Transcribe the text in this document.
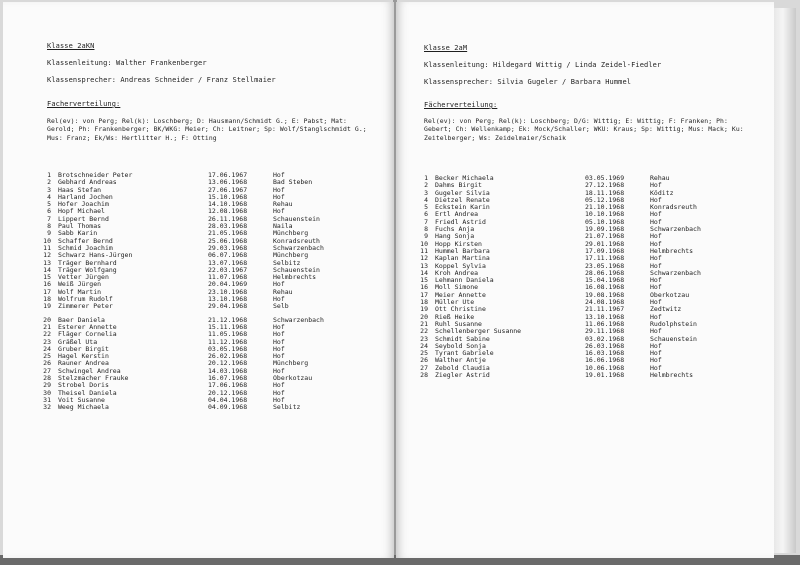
Klasse 2aKN
Klassenleitung: Walther Frankenberger
Klassensprecher: Andreas Schneider / Franz Stellmaier
Facherverteilung:
Rel(ev): von Perg; Rel(k): Loschberg; D: Hausmann/Schmidt G.; E: Pabst; Mat: Gerold; Ph: Frankenberger; BK/WKG: Meier; Ch: Leitner; Sp: Wolf/Stanglschmidt G.; Mus: Franz; Ek/Ws: Hertlitter H.; F: Otting
1	Brotschneider Peter	17.06.1967	Hof
2	Gebhard Andreas	13.06.1968	Bad Steben
3	Haas Stefan	27.06.1967	Hof
4	Harland Jochen	15.10.1968	Hof
5	Hofer Joachim	14.10.1968	Rehau
6	Hopf Michael	12.08.1968	Hof
7	Lippert Bernd	26.11.1968	Schauenstein
8	Paul Thomas	28.03.1968	Naila
9	Sabb Karin	21.05.1968	Münchberg
10	Schaffer Bernd	25.06.1968	Konradsreuth
11	Schmid Joachim	29.03.1968	Schwarzenbach
12	Schwarz Hans-Jürgen	06.07.1968	Münchberg
13	Träger Bernhard	13.07.1968	Selbitz
14	Träger Wolfgang	22.03.1967	Schauenstein
15	Vetter Jürgen	11.07.1968	Helmbrechts
16	Weiß Jürgen	20.04.1969	Hof
17	Wolf Martin	23.10.1968	Rehau
18	Wolfrum Rudolf	13.10.1968	Hof
19	Zimmerer Peter	29.04.1968	Selb

20	Baer Daniela	21.12.1968	Schwarzenbach
21	Esterer Annette	15.11.1968	Hof
22	Fläger Cornelia	11.05.1968	Hof
23	Gräßel Uta	11.12.1968	Hof
24	Gruber Birgit	03.05.1968	Hof
25	Hagel Kerstin	26.02.1968	Hof
26	Rauner Andrea	20.12.1968	Münchberg
27	Schwingel Andrea	14.03.1968	Hof
28	Stelzmacher Frauke	16.07.1968	Oberkotzau
29	Strobel Doris	17.06.1968	Hof
30	Theisel Daniela	20.12.1968	Hof
31	Voit Susanne	04.04.1968	Hof
32	Weeg Michaela	04.09.1968	Selbitz
Klasse 2aM
Klassenleitung: Hildegard Wittig / Linda Zeidel-Fiedler
Klassensprecher: Silvia Gugeler / Barbara Hummel
Fächerverteilung:
Rel(ev): von Perg; Rel(k): Loschberg; D/G: Wittig; E: Wittig; F: Franken; Ph: Gebert; Ch: Wellenkamp; Ek: Mock/Schaller; WKU: Kraus; Sp: Wittig; Mus: Mack; Ku: Zeitelberger; Ws: Zeidelmaier/Schaik
1	Becker Michaela	03.05.1969	Rehau
2	Dahms Birgit	27.12.1968	Hof
3	Gugeler Silvia	18.11.1968	Köditz
4	Dietzel Renate	05.12.1968	Hof
5	Eckstein Karin	21.10.1968	Konradsreuth
6	Ertl Andrea	10.10.1968	Hof
7	Friedl Astrid	05.10.1968	Hof
8	Fuchs Anja	19.09.1968	Schwarzenbach
9	Hang Sonja	21.07.1968	Hof
10	Hopp Kirsten	29.01.1968	Hof
11	Hummel Barbara	17.09.1968	Helmbrechts
12	Kaplan Martina	17.11.1968	Hof
13	Koppel Sylvia	23.05.1968	Hof
14	Kroh Andrea	28.06.1968	Schwarzenbach
15	Lehmann Daniela	15.04.1968	Hof
16	Moll Simone	16.08.1968	Hof
17	Meier Annette	19.08.1968	Oberkotzau
18	Müller Ute	24.08.1968	Hof
19	Ott Christine	21.11.1967	Zedtwitz
20	Rieß Heike	13.10.1968	Hof
21	Ruhl Susanne	11.06.1968	Rudolphstein
22	Schellenberger Susanne	29.11.1968	Hof
23	Schmidt Sabine	03.02.1968	Schauenstein
24	Seybold Sonja	26.03.1968	Hof
25	Tyrant Gabriele	16.03.1968	Hof
26	Walther Antje	16.06.1968	Hof
27	Zebold Claudia	10.06.1968	Hof
28	Ziegler Astrid	19.01.1968	Helmbrechts
